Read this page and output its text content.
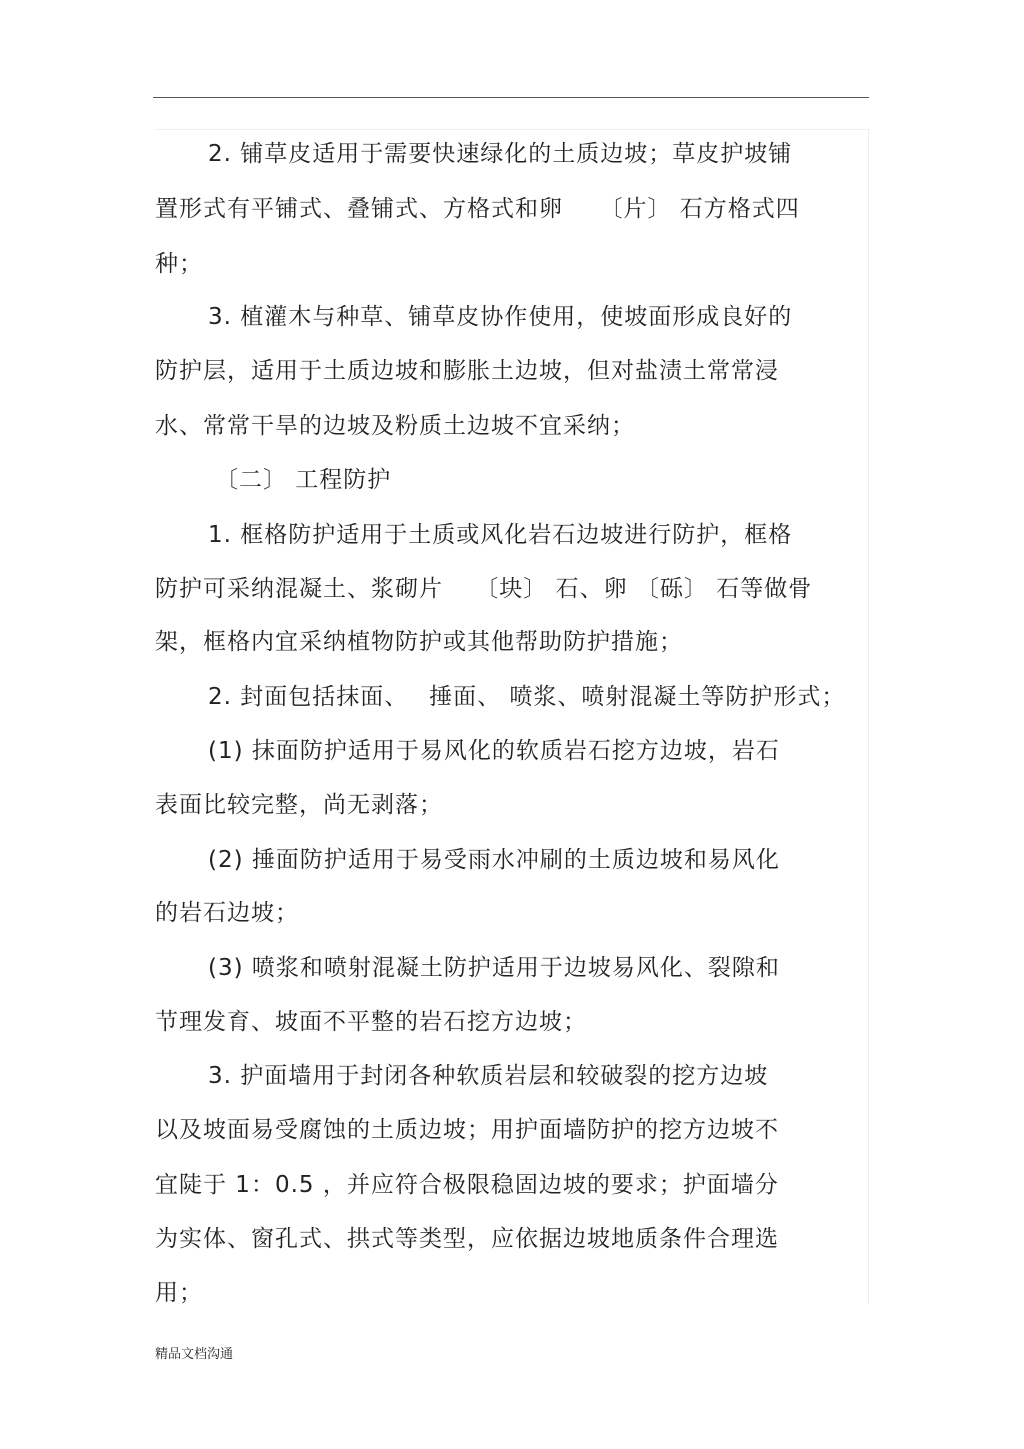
2. 铺草皮适用于需要快速绿化的土质边坡；草皮护坡铺
置形式有平铺式、叠铺式、方格式和卵　　〔片〕 石方格式四
种；
3. 植灌木与种草、铺草皮协作使用，使坡面形成良好的
防护层，适用于土质边坡和膨胀土边坡，但对盐渍土常常浸
水、常常干旱的边坡及粉质土边坡不宜采纳；
〔二〕 工程防护
1. 框格防护适用于土质或风化岩石边坡进行防护，框格
防护可采纳混凝土、浆砌片　 〔块〕 石、卵 〔砾〕 石等做骨
架，框格内宜采纳植物防护或其他帮助防护措施；
2. 封面包括抹面、　 捶面、 喷浆、喷射混凝土等防护形式；
(1) 抹面防护适用于易风化的软质岩石挖方边坡，岩石
表面比较完整，尚无剥落；
(2) 捶面防护适用于易受雨水冲刷的土质边坡和易风化
的岩石边坡；
(3) 喷浆和喷射混凝土防护适用于边坡易风化、裂隙和
节理发育、坡面不平整的岩石挖方边坡；
3. 护面墙用于封闭各种软质岩层和较破裂的挖方边坡
以及坡面易受腐蚀的土质边坡；用护面墙防护的挖方边坡不
宜陡于 1：0.5 ，并应符合极限稳固边坡的要求；护面墙分
为实体、窗孔式、拱式等类型，应依据边坡地质条件合理选
用；
精品文档沟通
